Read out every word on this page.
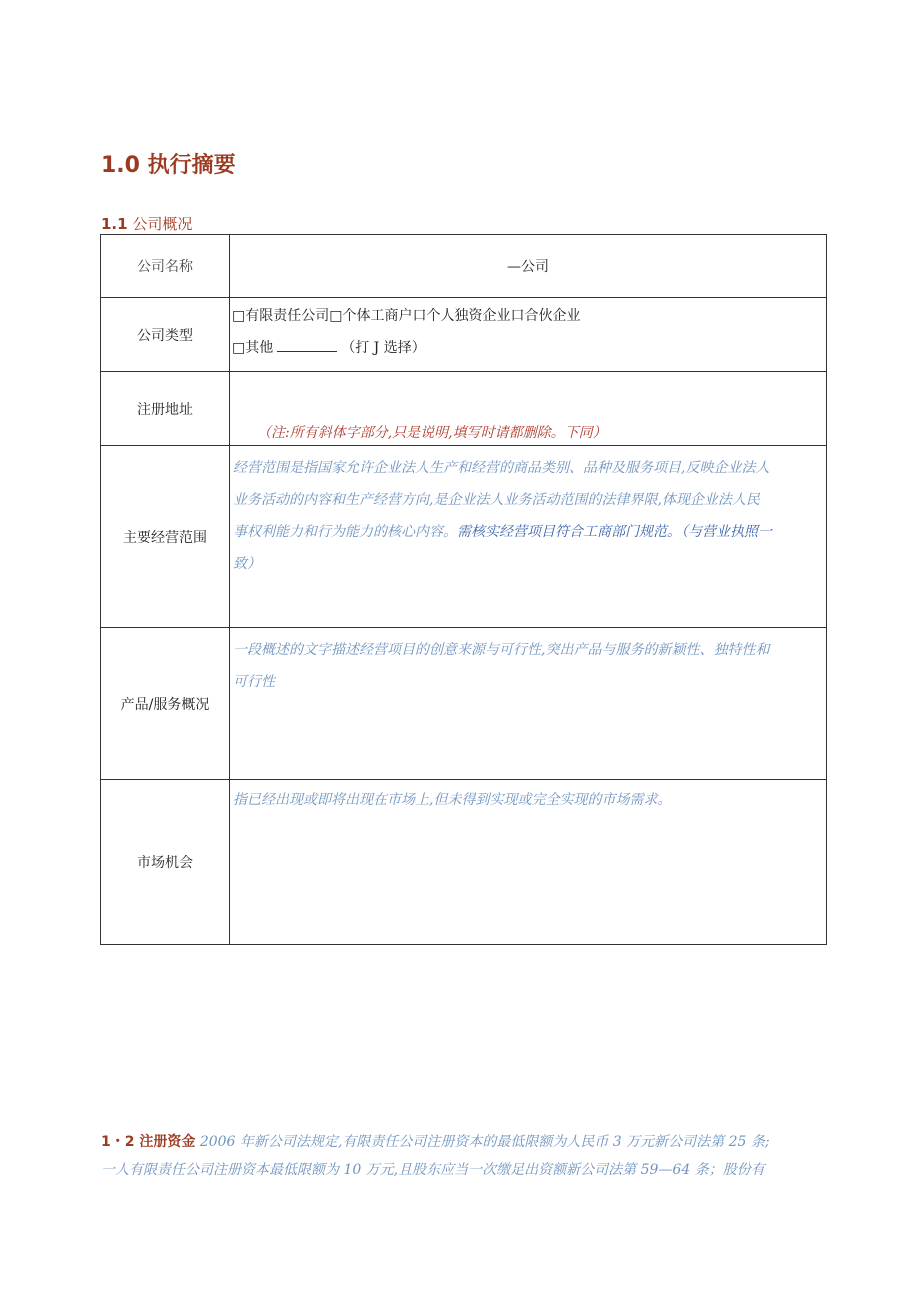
1.0 执行摘要
1.1 公司概况
公司名称	—公司
公司类型	□有限责任公司□个体工商户口个人独资企业口合伙企业
□其他 （打 J 选择）

注册地址	（注:所有斜体字部分,只是说明,填写时请都删除。下同）

主要经营范围	经营范围是指国家允许企业法人生产和经营的商品类别、品种及服务项目,反映企业法人
业务活动的内容和生产经营方向,是企业法人业务活动范围的法律界限,体现企业法人民
事权利能力和行为能力的核心内容。需核实经营项目符合工商部门规范。（与营业执照一
致）

产品/服务概况	一段概述的文字描述经营项目的创意来源与可行性,突出产品与服务的新颖性、独特性和
可行性

市场机会	指已经出现或即将出现在市场上,但未得到实现或完全实现的市场需求。
1・2 注册资金 2006 年新公司法规定,有限责任公司注册资本的最低限额为人民币 3 万元新公司法第 25 条;
一人有限责任公司注册资本最低限额为 10 万元,且股东应当一次缴足出资额新公司法第 59—64 条；股份有
